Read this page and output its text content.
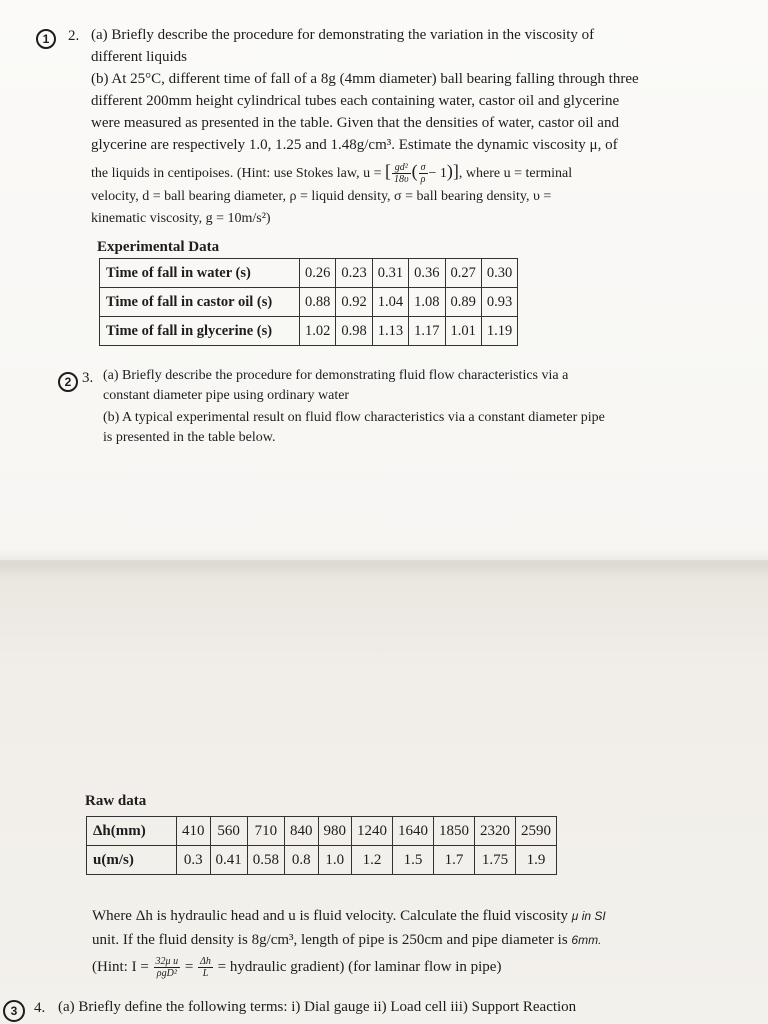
1	2. (a) Briefly describe the procedure for demonstrating the variation in the viscosity of
different liquids
(b) At 25°C, different time of fall of a 8g (4mm diameter) ball bearing falling through three
different 200mm height cylindrical tubes each containing water, castor oil and glycerine
were measured as presented in the table. Given that the densities of water, castor oil and
glycerine are respectively 1.0, 1.25 and 1.48g/cm³. Estimate the dynamic viscosity μ, of
the liquids in centipoises. (Hint: use Stokes law, u = [ $\frac{\text{gd²}}{18\upsilon}$ ( $\frac{\sigma}{\rho} - 1$)], where u = terminal
velocity, d = ball bearing diameter, ρ = liquid density, σ = ball bearing density, υ =
kinematic viscosity, g = 10m/s²)
Experimental Data
Time of fall in water (s)	0.26	0.23	0.31	0.36	0.27	0.30
Time of fall in castor oil (s)	0.88	0.92	1.04	1.08	0.89	0.93
Time of fall in glycerine (s)	1.02	0.98	1.13	1.17	1.01	1.19
2 3. (a) Briefly describe the procedure for demonstrating fluid flow characteristics via a
constant diameter pipe using ordinary water
(b) A typical experimental result on fluid flow characteristics via a constant diameter pipe
is presented in the table below.
Raw data
Δh(mm)	410	560	710	840	980	1240	1640	1850	2320	2590
u(m/s)	0.3	0.41	0.58	0.8	1.0	1.2	1.5	1.7	1.75	1.9
Where Δh is hydraulic head and u is fluid velocity. Calculate the fluid viscosity μ in SI
unit. If the fluid density is 8g/cm³, length of pipe is 250cm and pipe diameter is 6mm.
(Hint: $I = \frac{\text{32μ u}}{\text{ρgD²}} = \frac{\Delta h}{L}$ = hydraulic gradient) (for laminar flow in pipe)
3	4. (a) Briefly define the following terms: i) Dial gauge ii) Load cell iii) Support Reaction
